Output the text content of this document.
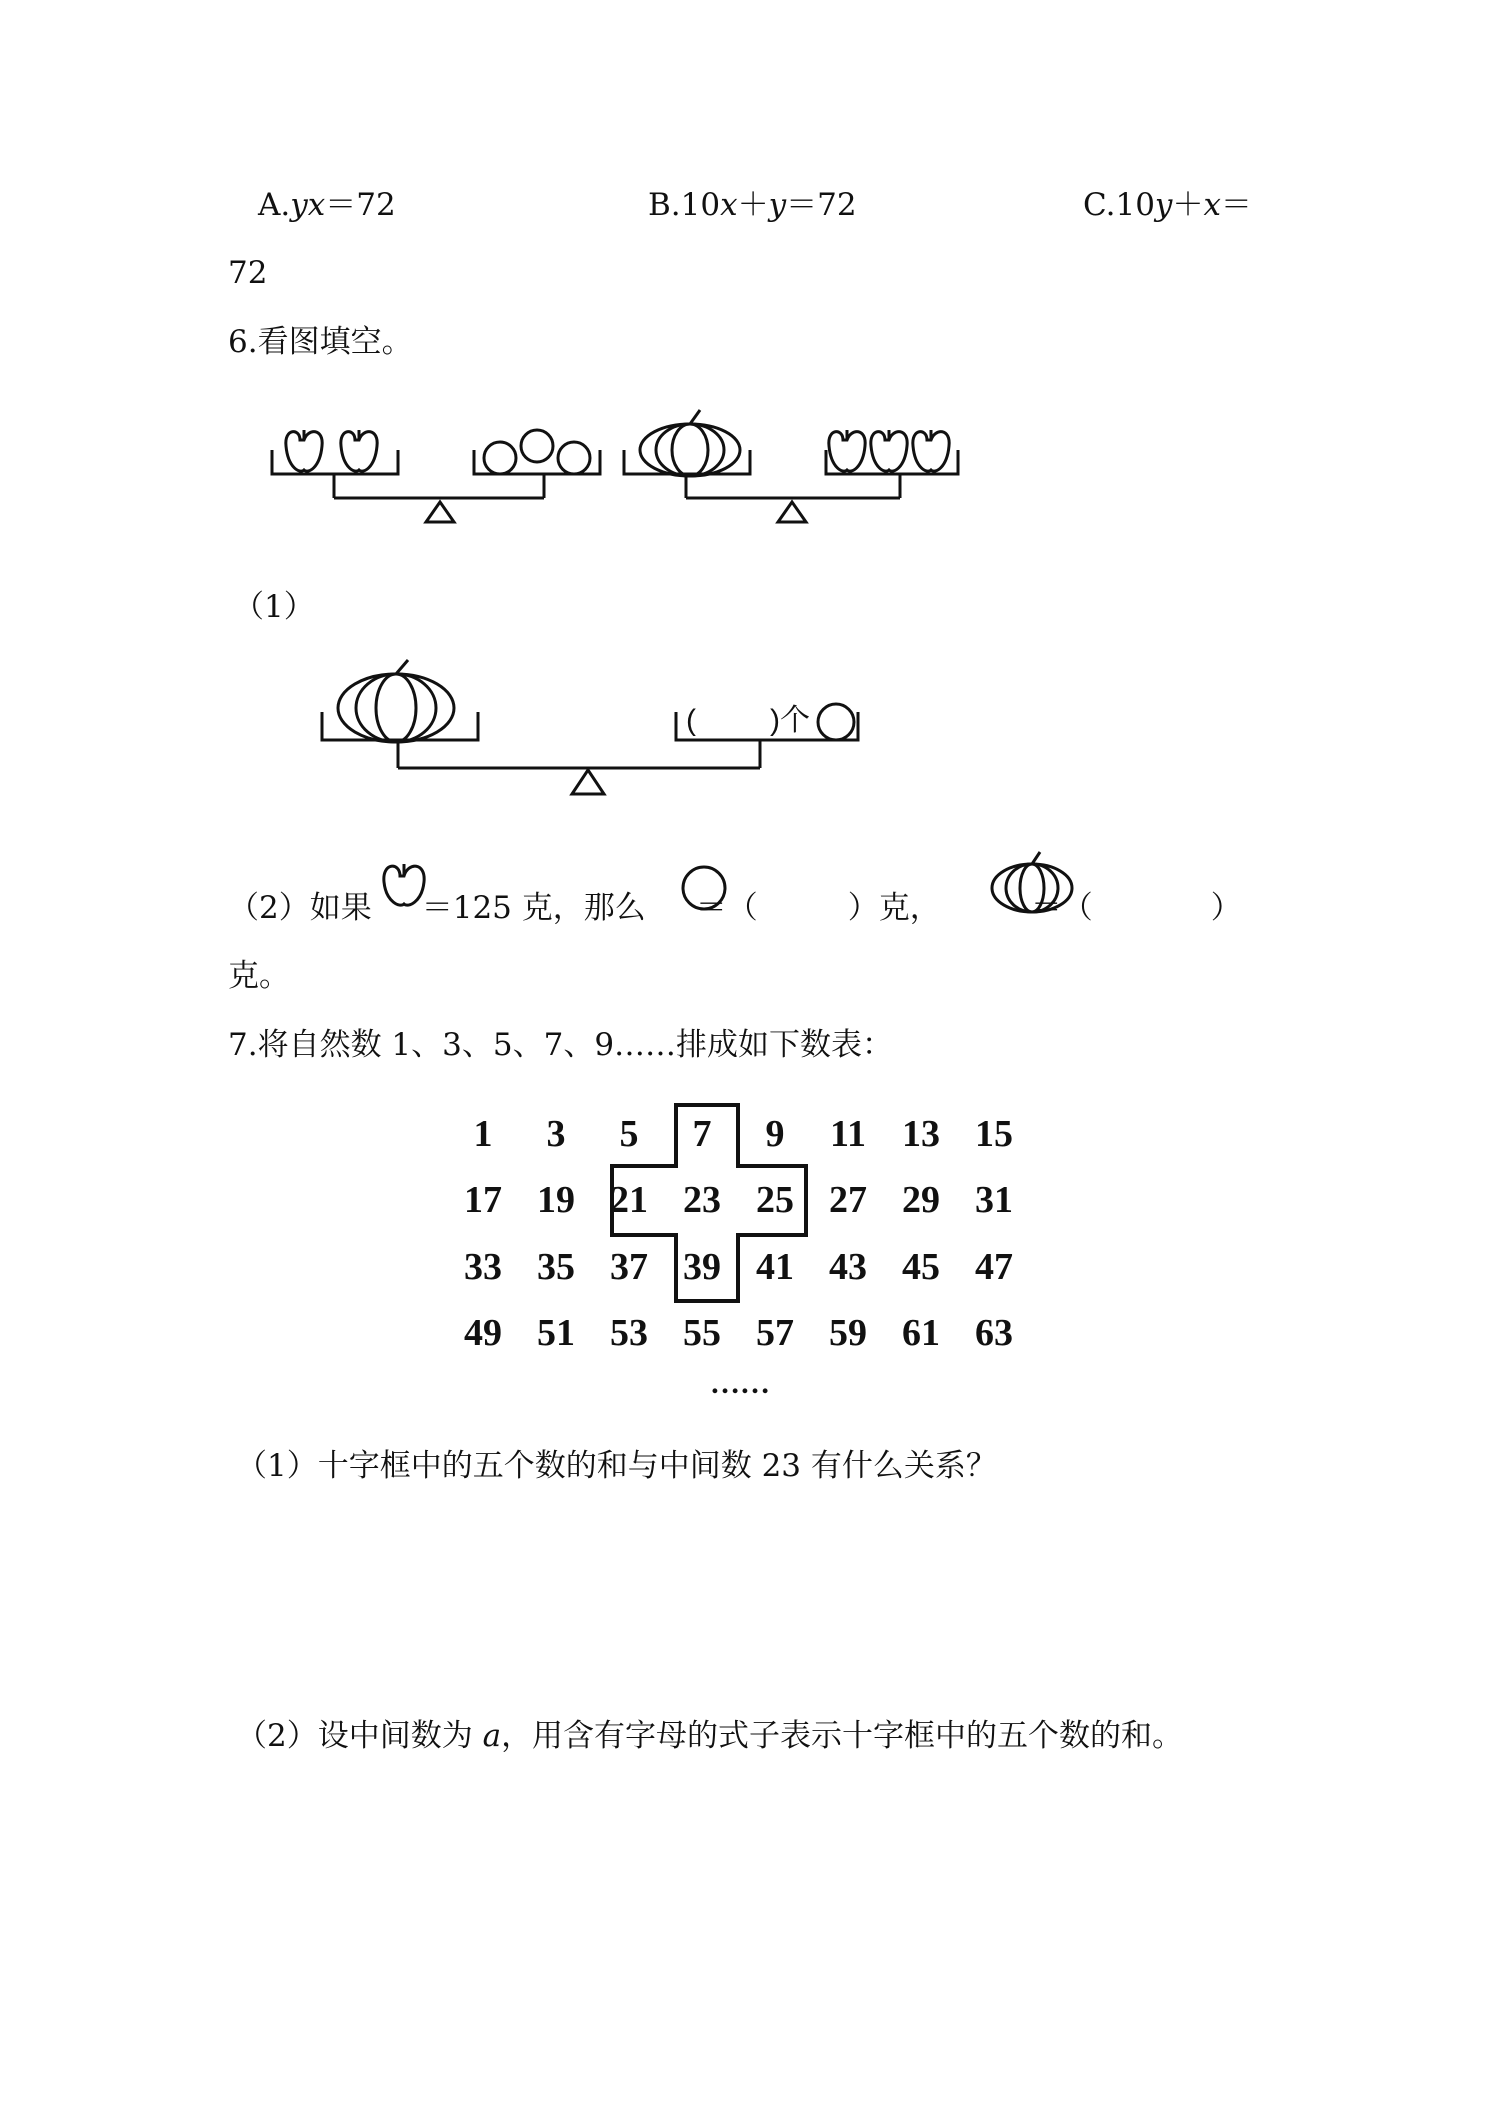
A.yx＝72	B.10x＋y＝72	C.10y＋x＝
72
6.看图填空。
（1）
( )个
（2）如果 ＝125 克，那么 ＝（	）克，	＝（	）
克。
7.将自然数 1、3、5、7、9……排成如下数表：
1 3 5 7 9 11 13 15
17 19 21 23 25 27 29 31
33 35 37 39 41 43 45 47
49 51 53 55 57 59 61 63
……
（1）十字框中的五个数的和与中间数 23 有什么关系？
（2）设中间数为 a，用含有字母的式子表示十字框中的五个数的和。
